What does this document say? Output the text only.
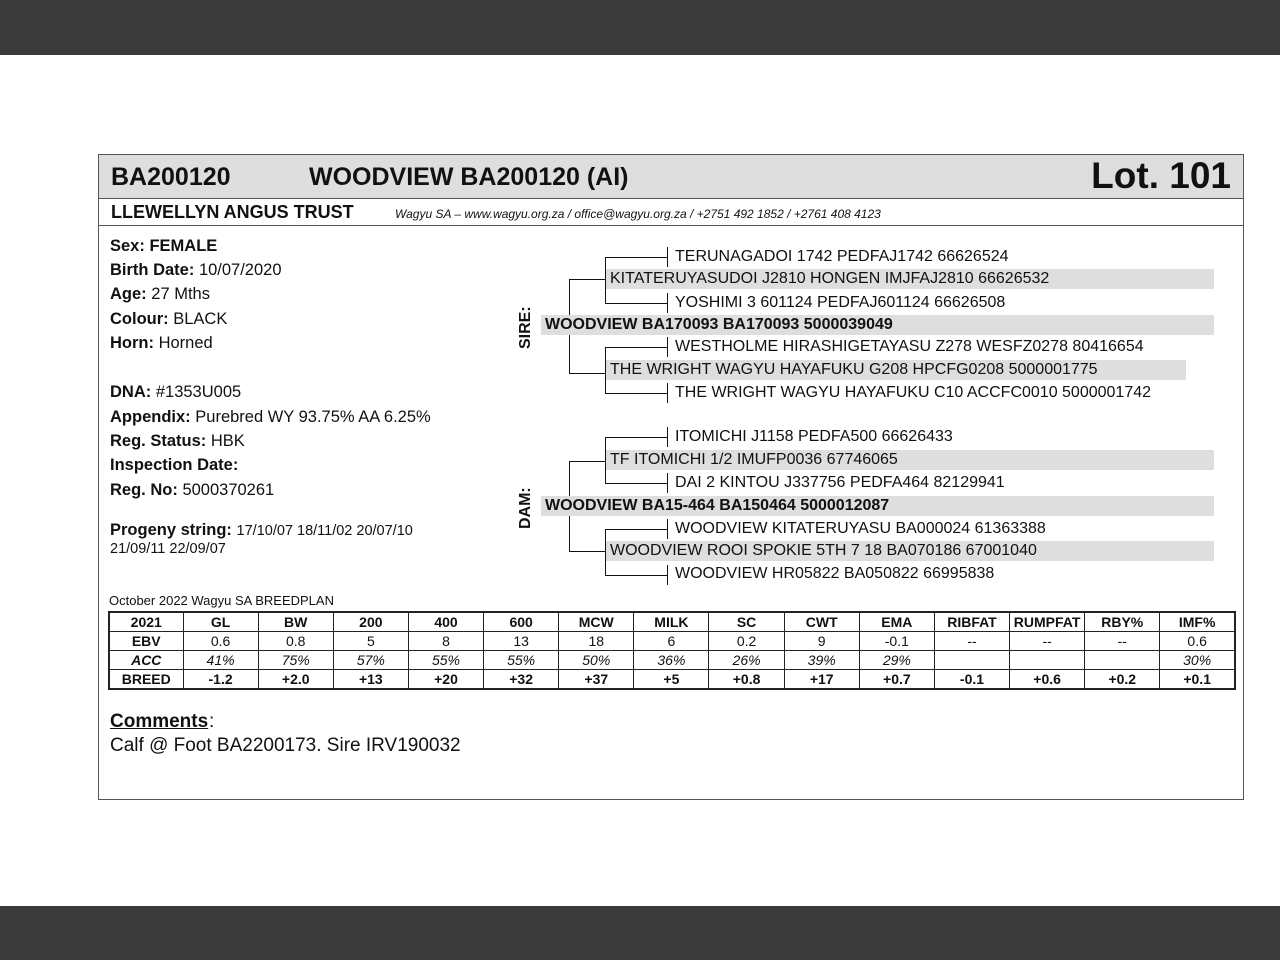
BA200120	WOODVIEW BA200120 (AI)	Lot. 101
LLEWELLYN ANGUS TRUST	Wagyu SA – www.wagyu.org.za / office@wagyu.org.za / +2751 492 1852 / +2761 408 4123
Sex: FEMALE
Birth Date: 10/07/2020
Age: 27 Mths
Colour: BLACK
Horn: Horned
DNA: #1353U005
Appendix: Purebred WY 93.75% AA 6.25%
Reg. Status: HBK
Inspection Date:
Reg. No: 5000370261
Progeny string: 17/10/07 18/11/02 20/07/10
21/09/11 22/09/07
SIRE:
TERUNAGADOI 1742 PEDFAJ1742 66626524
KITATERUYASUDOI J2810 HONGEN IMJFAJ2810 66626532
YOSHIMI 3 601124 PEDFAJ601124 66626508
WOODVIEW BA170093 BA170093 5000039049
WESTHOLME HIRASHIGETAYASU Z278 WESFZ0278 80416654
THE WRIGHT WAGYU HAYAFUKU G208 HPCFG0208 5000001775
THE WRIGHT WAGYU HAYAFUKU C10 ACCFC0010 5000001742
DAM:
ITOMICHI J1158 PEDFA500 66626433
TF ITOMICHI 1/2 IMUFP0036 67746065
DAI 2 KINTOU J337756 PEDFA464 82129941
WOODVIEW BA15-464 BA150464 5000012087
WOODVIEW KITATERUYASU BA000024 61363388
WOODVIEW ROOI SPOKIE 5TH 7 18 BA070186 67001040
WOODVIEW HR05822 BA050822 66995838
October 2022 Wagyu SA BREEDPLAN
2021	GL	BW	200	400	600	MCW	MILK	SC	CWT	EMA	RIBFAT	RUMPFAT	RBY%	IMF%
EBV	0.6	0.8	5	8	13	18	6	0.2	9	-0.1	--	--	--	0.6
ACC	41%	75%	57%	55%	55%	50%	36%	26%	39%	29%				30%
BREED	-1.2	+2.0	+13	+20	+32	+37	+5	+0.8	+17	+0.7	-0.1	+0.6	+0.2	+0.1
Comments :
Calf @ Foot BA2200173. Sire IRV190032
